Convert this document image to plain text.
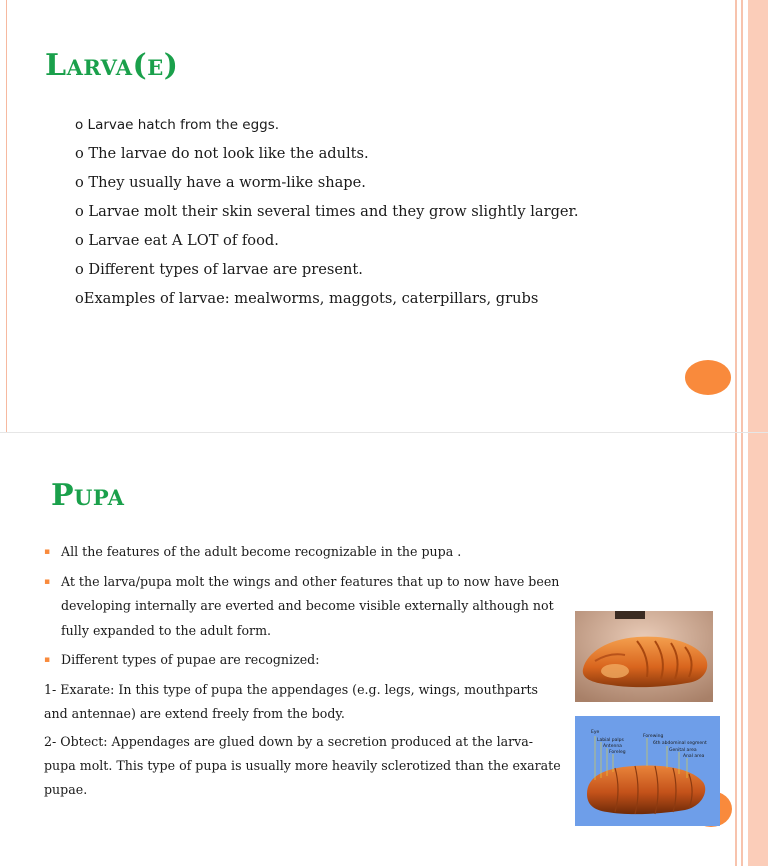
Larva(e)
o Larvae hatch from the eggs.
o The larvae do not look like the adults.
o They usually have a worm-like shape.
o Larvae molt their skin several times and they grow slightly larger.
o Larvae eat A LOT of food.
o Different types of larvae are present.
oExamples of larvae: mealworms, maggots, caterpillars, grubs
Pupa
▪ All the features of the adult become recognizable in the pupa .
▪ At the larva/pupa molt the wings and other features that up to now have been developing internally are everted and become visible externally although not fully expanded to the adult form.
▪ Different types of pupae are recognized:
1- Exarate: In this type of pupa the appendages (e.g. legs, wings, mouthparts and antennae) are extend freely from the body.
2- Obtect: Appendages are glued down by a secretion produced at the larva-pupa molt. This type of pupa is usually more heavily sclerotized than the exarate pupae.
Eye
Labial palps
Antenna
Foreleg
Forewing
6th abdominal segment
Genital area
Anal area
